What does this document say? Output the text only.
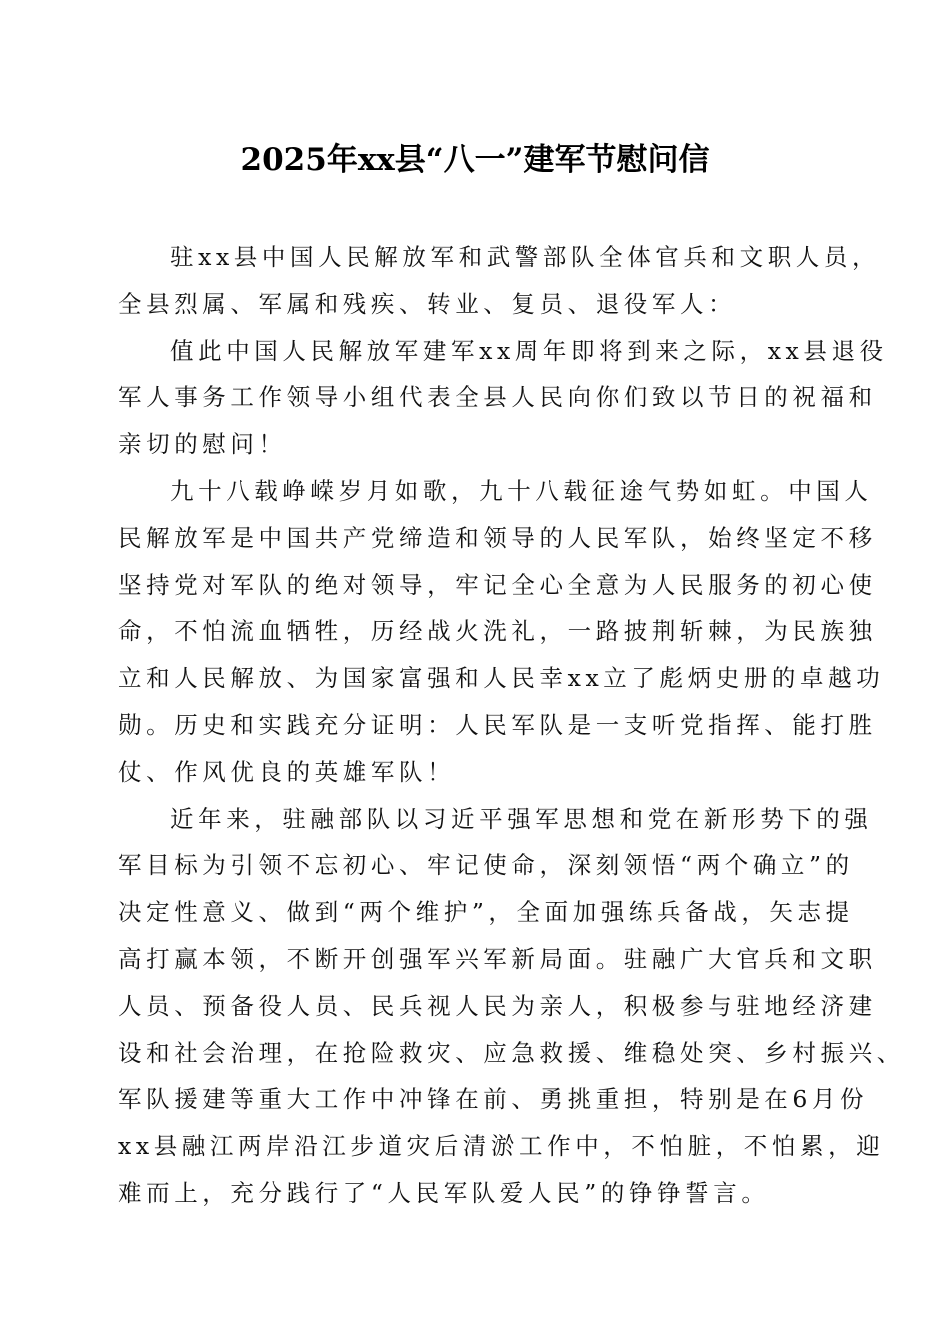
2025年xx县“八一”建军节慰问信
驻xx县中国人民解放军和武警部队全体官兵和文职人员，
全县烈属、军属和残疾、转业、复员、退役军人：
值此中国人民解放军建军xx周年即将到来之际，xx县退役
军人事务工作领导小组代表全县人民向你们致以节日的祝福和
亲切的慰问！
九十八载峥嵘岁月如歌，九十八载征途气势如虹。中国人
民解放军是中国共产党缔造和领导的人民军队，始终坚定不移
坚持党对军队的绝对领导，牢记全心全意为人民服务的初心使
命，不怕流血牺牲，历经战火洗礼，一路披荆斩棘，为民族独
立和人民解放、为国家富强和人民幸xx立了彪炳史册的卓越功
勋。历史和实践充分证明：人民军队是一支听党指挥、能打胜
仗、作风优良的英雄军队！
近年来，驻融部队以习近平强军思想和党在新形势下的强
军目标为引领不忘初心、牢记使命，深刻领悟“两个确立”的
决定性意义、做到“两个维护”，全面加强练兵备战，矢志提
高打赢本领，不断开创强军兴军新局面。驻融广大官兵和文职
人员、预备役人员、民兵视人民为亲人，积极参与驻地经济建
设和社会治理，在抢险救灾、应急救援、维稳处突、乡村振兴、
军队援建等重大工作中冲锋在前、勇挑重担，特别是在6月份
xx县融江两岸沿江步道灾后清淤工作中，不怕脏，不怕累，迎
难而上，充分践行了“人民军队爱人民”的铮铮誓言。
